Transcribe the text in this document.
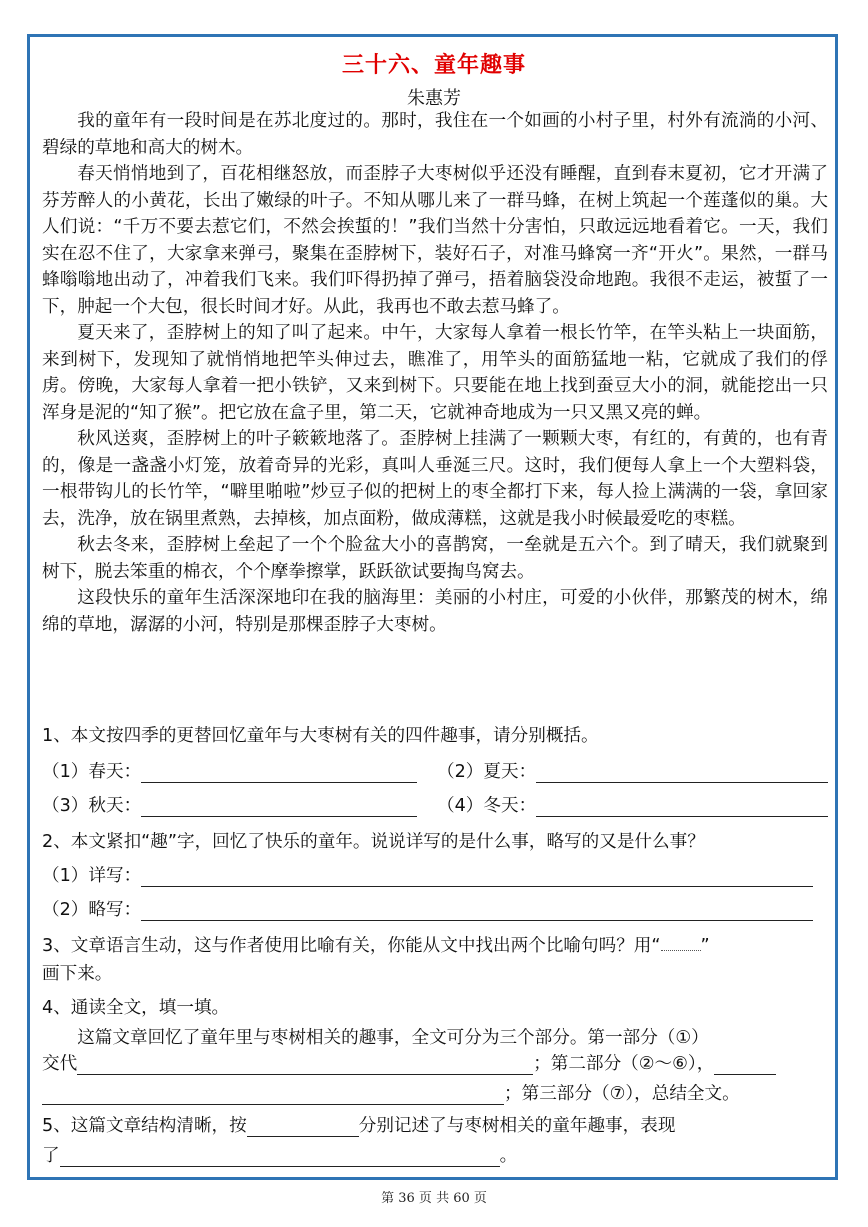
三十六、童年趣事
朱惠芳

我的童年有一段时间是在苏北度过的。那时，我住在一个如画的小村子里，村外有流淌的小河、碧绿的草地和高大的树木。

春天悄悄地到了，百花相继怒放，而歪脖子大枣树似乎还没有睡醒，直到春末夏初，它才开满了芬芳醉人的小黄花，长出了嫩绿的叶子。不知从哪儿来了一群马蜂，在树上筑起一个莲蓬似的巢。大人们说：“千万不要去惹它们，不然会挨蜇的！”我们当然十分害怕，只敢远远地看着它。一天，我们实在忍不住了，大家拿来弹弓，聚集在歪脖树下，装好石子，对准马蜂窝一齐“开火”。果然，一群马蜂嗡嗡地出动了，冲着我们飞来。我们吓得扔掉了弹弓，捂着脑袋没命地跑。我很不走运，被蜇了一下，肿起一个大包，很长时间才好。从此，我再也不敢去惹马蜂了。

夏天来了，歪脖树上的知了叫了起来。中午，大家每人拿着一根长竹竿，在竿头粘上一块面筋，来到树下，发现知了就悄悄地把竿头伸过去，瞧准了，用竿头的面筋猛地一粘，它就成了我们的俘虏。傍晚，大家每人拿着一把小铁铲，又来到树下。只要能在地上找到蚕豆大小的洞，就能挖出一只浑身是泥的“知了猴”。把它放在盒子里，第二天，它就神奇地成为一只又黑又亮的蝉。

秋风送爽，歪脖树上的叶子簌簌地落了。歪脖树上挂满了一颗颗大枣，有红的，有黄的，也有青的，像是一盏盏小灯笼，放着奇异的光彩，真叫人垂涎三尺。这时，我们便每人拿上一个大塑料袋，一根带钩儿的长竹竿，“噼里啪啦”炒豆子似的把树上的枣全都打下来，每人捡上满满的一袋，拿回家去，洗净，放在锅里煮熟，去掉核，加点面粉，做成薄糕，这就是我小时候最爱吃的枣糕。

秋去冬来，歪脖树上垒起了一个个脸盆大小的喜鹊窝，一垒就是五六个。到了晴天，我们就聚到树下，脱去笨重的棉衣，个个摩拳擦掌，跃跃欲试要掏鸟窝去。

这段快乐的童年生活深深地印在我的脑海里：美丽的小村庄，可爱的小伙伴，那繁茂的树木，绵绵的草地，潺潺的小河，特别是那棵歪脖子大枣树。

1、本文按四季的更替回忆童年与大枣树有关的四件趣事，请分别概括。
（1）春天：	（2）夏天：
（3）秋天：	（4）冬天：
2、本文紧扣“趣”字，回忆了快乐的童年。说说详写的是什么事，略写的又是什么事？
（1）详写：
（2）略写：
3、文章语言生动，这与作者使用比喻有关，你能从文中找出两个比喻句吗？用“ ”
画下来。
4、通读全文，填一填。
这篇文章回忆了童年里与枣树相关的趣事，全文可分为三个部分。第一部分（①）
交代	；第二部分（②～⑥），
；第三部分（⑦），总结全文。
5、这篇文章结构清晰，按	分别记述了与枣树相关的童年趣事，表现
了	。
第 36 页 共 60 页
